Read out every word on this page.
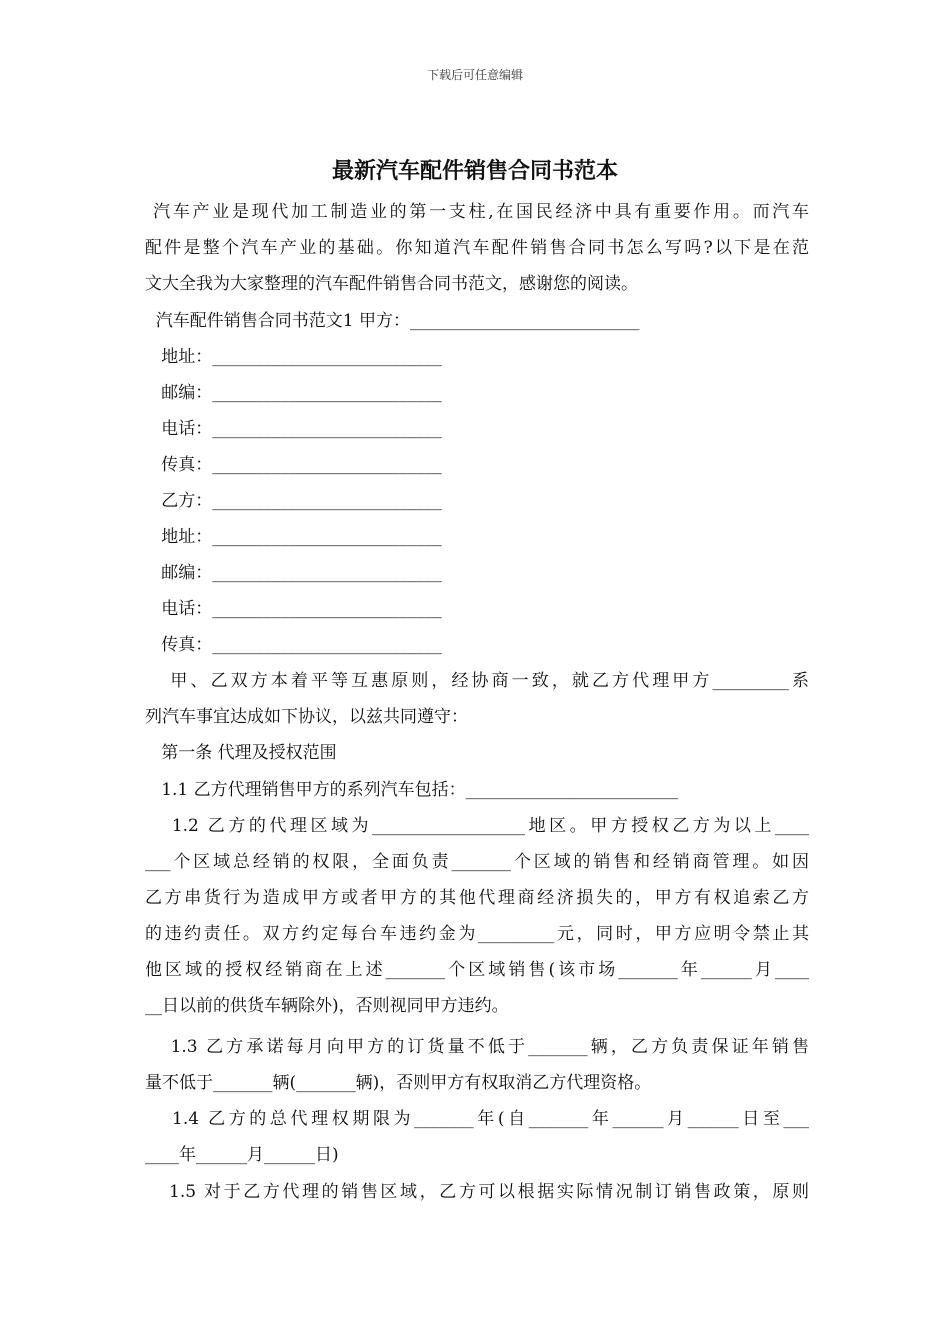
下载后可任意编辑
最新汽车配件销售合同书范本
汽车产业是现代加工制造业的第一支柱,在国民经济中具有重要作用。而汽车
配件是整个汽车产业的基础。你知道汽车配件销售合同书怎么写吗?以下是在范
文大全我为大家整理的汽车配件销售合同书范文，感谢您的阅读。
汽车配件销售合同书范文1 甲方：___________________________
地址：___________________________
邮编：___________________________
电话：___________________________
传真：___________________________
乙方：___________________________
地址：___________________________
邮编：___________________________
电话：___________________________
传真：___________________________
甲、乙双方本着平等互惠原则，经协商一致，就乙方代理甲方_________系
列汽车事宜达成如下协议，以兹共同遵守：
第一条 代理及授权范围
1.1 乙方代理销售甲方的系列汽车包括：_________________________
1.2 乙方的代理区域为__________________地区。甲方授权乙方为以上____
___个区域总经销的权限，全面负责_______个区域的销售和经销商管理。如因
乙方串货行为造成甲方或者甲方的其他代理商经济损失的，甲方有权追索乙方
的违约责任。双方约定每台车违约金为_________元，同时，甲方应明令禁止其
他区域的授权经销商在上述_______个区域销售(该市场_______年______月____
__日以前的供货车辆除外)，否则视同甲方违约。
1.3 乙方承诺每月向甲方的订货量不低于_______辆，乙方负责保证年销售
量不低于_______辆(_______辆)，否则甲方有权取消乙方代理资格。
1.4 乙方的总代理权期限为_______年(自_______年______月______日至___
____年______月______日)
1.5 对于乙方代理的销售区域，乙方可以根据实际情况制订销售政策，原则
